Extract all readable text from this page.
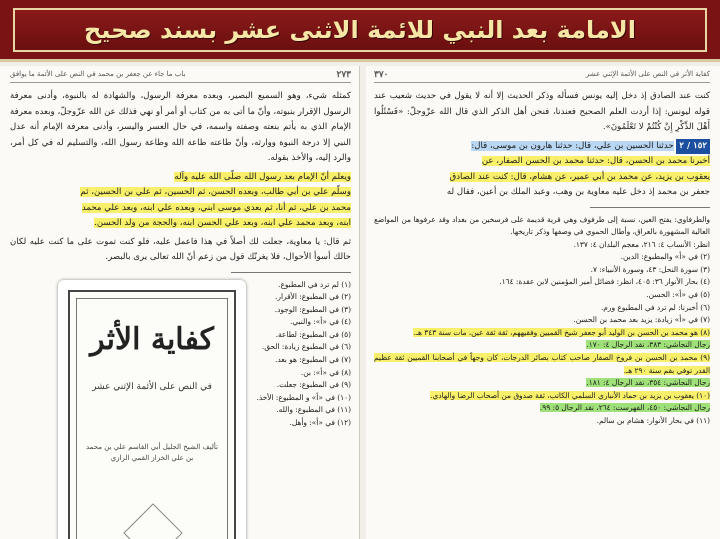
الامامة بعد النبي للائمة الاثنى عشر بسند صحيح
كفاية الأثر في النص على الأئمة الإثني عشر
٣٧٠

كنت عند الصادق إذ دخل إليه يونس فسأله وذكر الحديث إلا أنه لا يقول في حديث شعيب عند قوله ليونس: إذا أردت العلم الصحيح فعندنا، فنحن أهل الذكر الذي قال الله عزّوجلّ: «فَسْئَلُوا أَهْلَ الذِّكْرِ إِنْ كُنْتُمْ لا تَعْلَمُونَ».

١٥٢ / ٢ حدثنا الحسين بن علي، قال: حدثنا هارون بن موسى، قال:
أخبرنا محمد بن الحسن، قال: حدثنا محمد بن الحسن الصفار، عن
يعقوب بن يزيد، عن محمد بن أبي عمير، عن هشام، قال: كنت عند الصادق
جعفر بن محمد إذ دخل عليه معاوية بن وهب، وعبد الملك بن أعين، فقال له

والطرفاوي: يفتح العين، نسبة إلى طرفوف وهي قرية قديمة على فرسخين من بغداد وقد عرفوها من المواضع العالية المشهورة بالعراق، وأطال الحموي في وصفها وذكر تاريخها.

انظر: الأنساب ٤: ٢١٦، معجم البلدان ٤: ١٣٧.

(٢) في «أ» والمطبوع: الدين.

(٣) سورة النحل: ٤٣، وسورة الأنبياء: ٧.

(٤) بحار الأنوار ٣٦: ٤٠٥، انظر: فضائل أمير المؤمنين لابن عقدة: ١٦٤.

(٥) في «أ»: الحسن.

(٦) أخبرنا: لم ترد في المطبوع ورم.

(٧) في «أ» زيادة: يزيد بعد محمد بن الحسن.

(٨) هو محمد بن الحسن بن الوليد أبو جعفر شيخ القميين وفقيههم، ثقة ثقة عين، مات سنة ٣٤٣ هـ.

رجال النجاشي: ٣٨٣، نقد الرجال ٤: ١٧٠.

(٩) محمد بن الحسن بن فروخ الصفار صاحب كتاب بصائر الدرجات، كان وجهاً في أصحابنا القميين ثقة عظيم القدر توفي بقم سنة ٢٩٠ هـ.

رجال النجاشي: ٣٥٤، نقد الرجال ٤: ١٨١.

(١٠) يعقوب بن يزيد بن حماد الأنباري السلمي الكاتب، ثقة صدوق من أصحاب الرضا والهادي.

رجال النجاشي: ٤٥٠، الفهرست: ٢٦٤، نقد الرجال ٥: ٩٩.

(١١) في بحار الأنوار: هشام بن سالم.

٢٧٣
باب ما جاء عن جعفر بن محمد في النص على الأئمة ما يوافق

كمثله شيء، وهو السميع البصير، وبعده معرفة الرسول، والشهادة له بالنبوة، وأدنى معرفة الرسول الإقرار بنبوته، وأنّ ما أتى به من كتاب أو أمر أو نهي فذلك عن الله عزّوجلّ، وبعده معرفة الإمام الذي به يأتم بنعته وصفته واسمه، في حال العسر واليسر، وأدنى معرفة الإمام أنه عدل النبي إلا درجة النبوة ووارثه، وأنّ طاعته طاعة الله وطاعة رسول الله، والتسليم له في كل أمر، والرد إليه، والأخذ بقوله.

ويعلم أنّ الإمام بعد رسول الله صلّى الله عليه وآله
وسلّم علي بن أبي طالب، وبعده الحسن، ثم الحسين، ثم علي بن الحسين، ثم
محمد بن علي، ثم أنا، ثم بعدي موسى ابني، وبعده علي ابنه، وبعد علي محمد
ابنه، وبعد محمد علي ابنه، وبعد علي الحسن ابنه، والحجة من ولد الحسن.

ثم قال: يا معاوية، جعلت لك أصلاً في هذا فاعمل عليه، فلو كنت تموت على ما كنت عليه لكان حالك أسوأ الأحوال، فلا يغرنّك قول من زعم أنّ الله تعالى يرى بالبصر.

(١) لم ترد في المطبوع.

(٢) في المطبوع: الأقرار.

(٣) في المطبوع: الوجود.

(٤) في «أ»: والنبي.

(٥) في المطبوع: لطاعة.

(٦) في المطبوع زيادة: الحق.

(٧) في المطبوع: هو بعد.

(٨) في «أ»: بن.

(٩) في المطبوع: جعلت.

(١٠) في «أ» و المطبوع: الأخذ.

(١١) في المطبوع: والله.

(١٢) في «أ»: وأهل.

كفاية الأثر
في النص على الأئمة الإثني عشر
تأليف الشيخ الجليل أبي القاسم علي بن محمد بن علي الخزاز القمي الرازي
